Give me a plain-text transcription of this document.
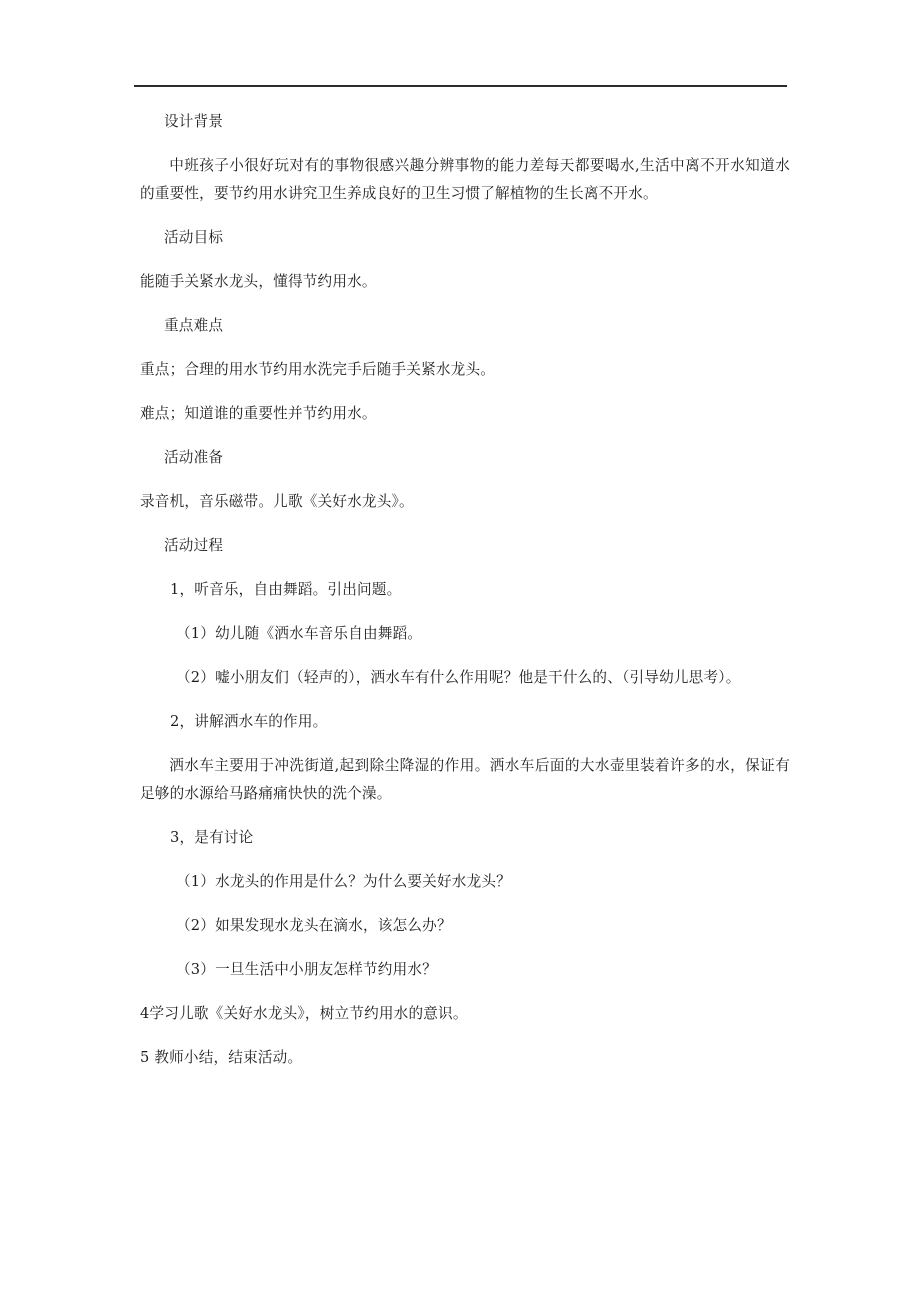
设计背景

中班孩子小很好玩对有的事物很感兴趣分辨事物的能力差每天都要喝水‚生活中离不开水知道水的重要性，要节约用水讲究卫生养成良好的卫生习惯了解植物的生长离不开水。

活动目标

能随手关紧水龙头，懂得节约用水。

重点难点

重点；合理的用水节约用水洗完手后随手关紧水龙头。

难点；知道谁的重要性并节约用水。

活动准备

录音机，音乐磁带。儿歌《关好水龙头》。

活动过程

1，听音乐，自由舞蹈。引出问题。

（1）幼儿随《洒水车音乐自由舞蹈。

（2）嘘小朋友们（轻声的），洒水车有什么作用呢？他是干什么的、（引导幼儿思考）。

2，讲解洒水车的作用。

洒水车主要用于冲洗街道‚起到除尘降湿的作用。洒水车后面的大水壶里装着许多的水，保证有足够的水源给马路痛痛快快的洗个澡。

3，是有讨论

（1）水龙头的作用是什么？为什么要关好水龙头？

（2）如果发现水龙头在滴水，该怎么办？

（3）一旦生活中小朋友怎样节约用水？

4学习儿歌《关好水龙头》，树立节约用水的意识。

5 教师小结，结束活动。
